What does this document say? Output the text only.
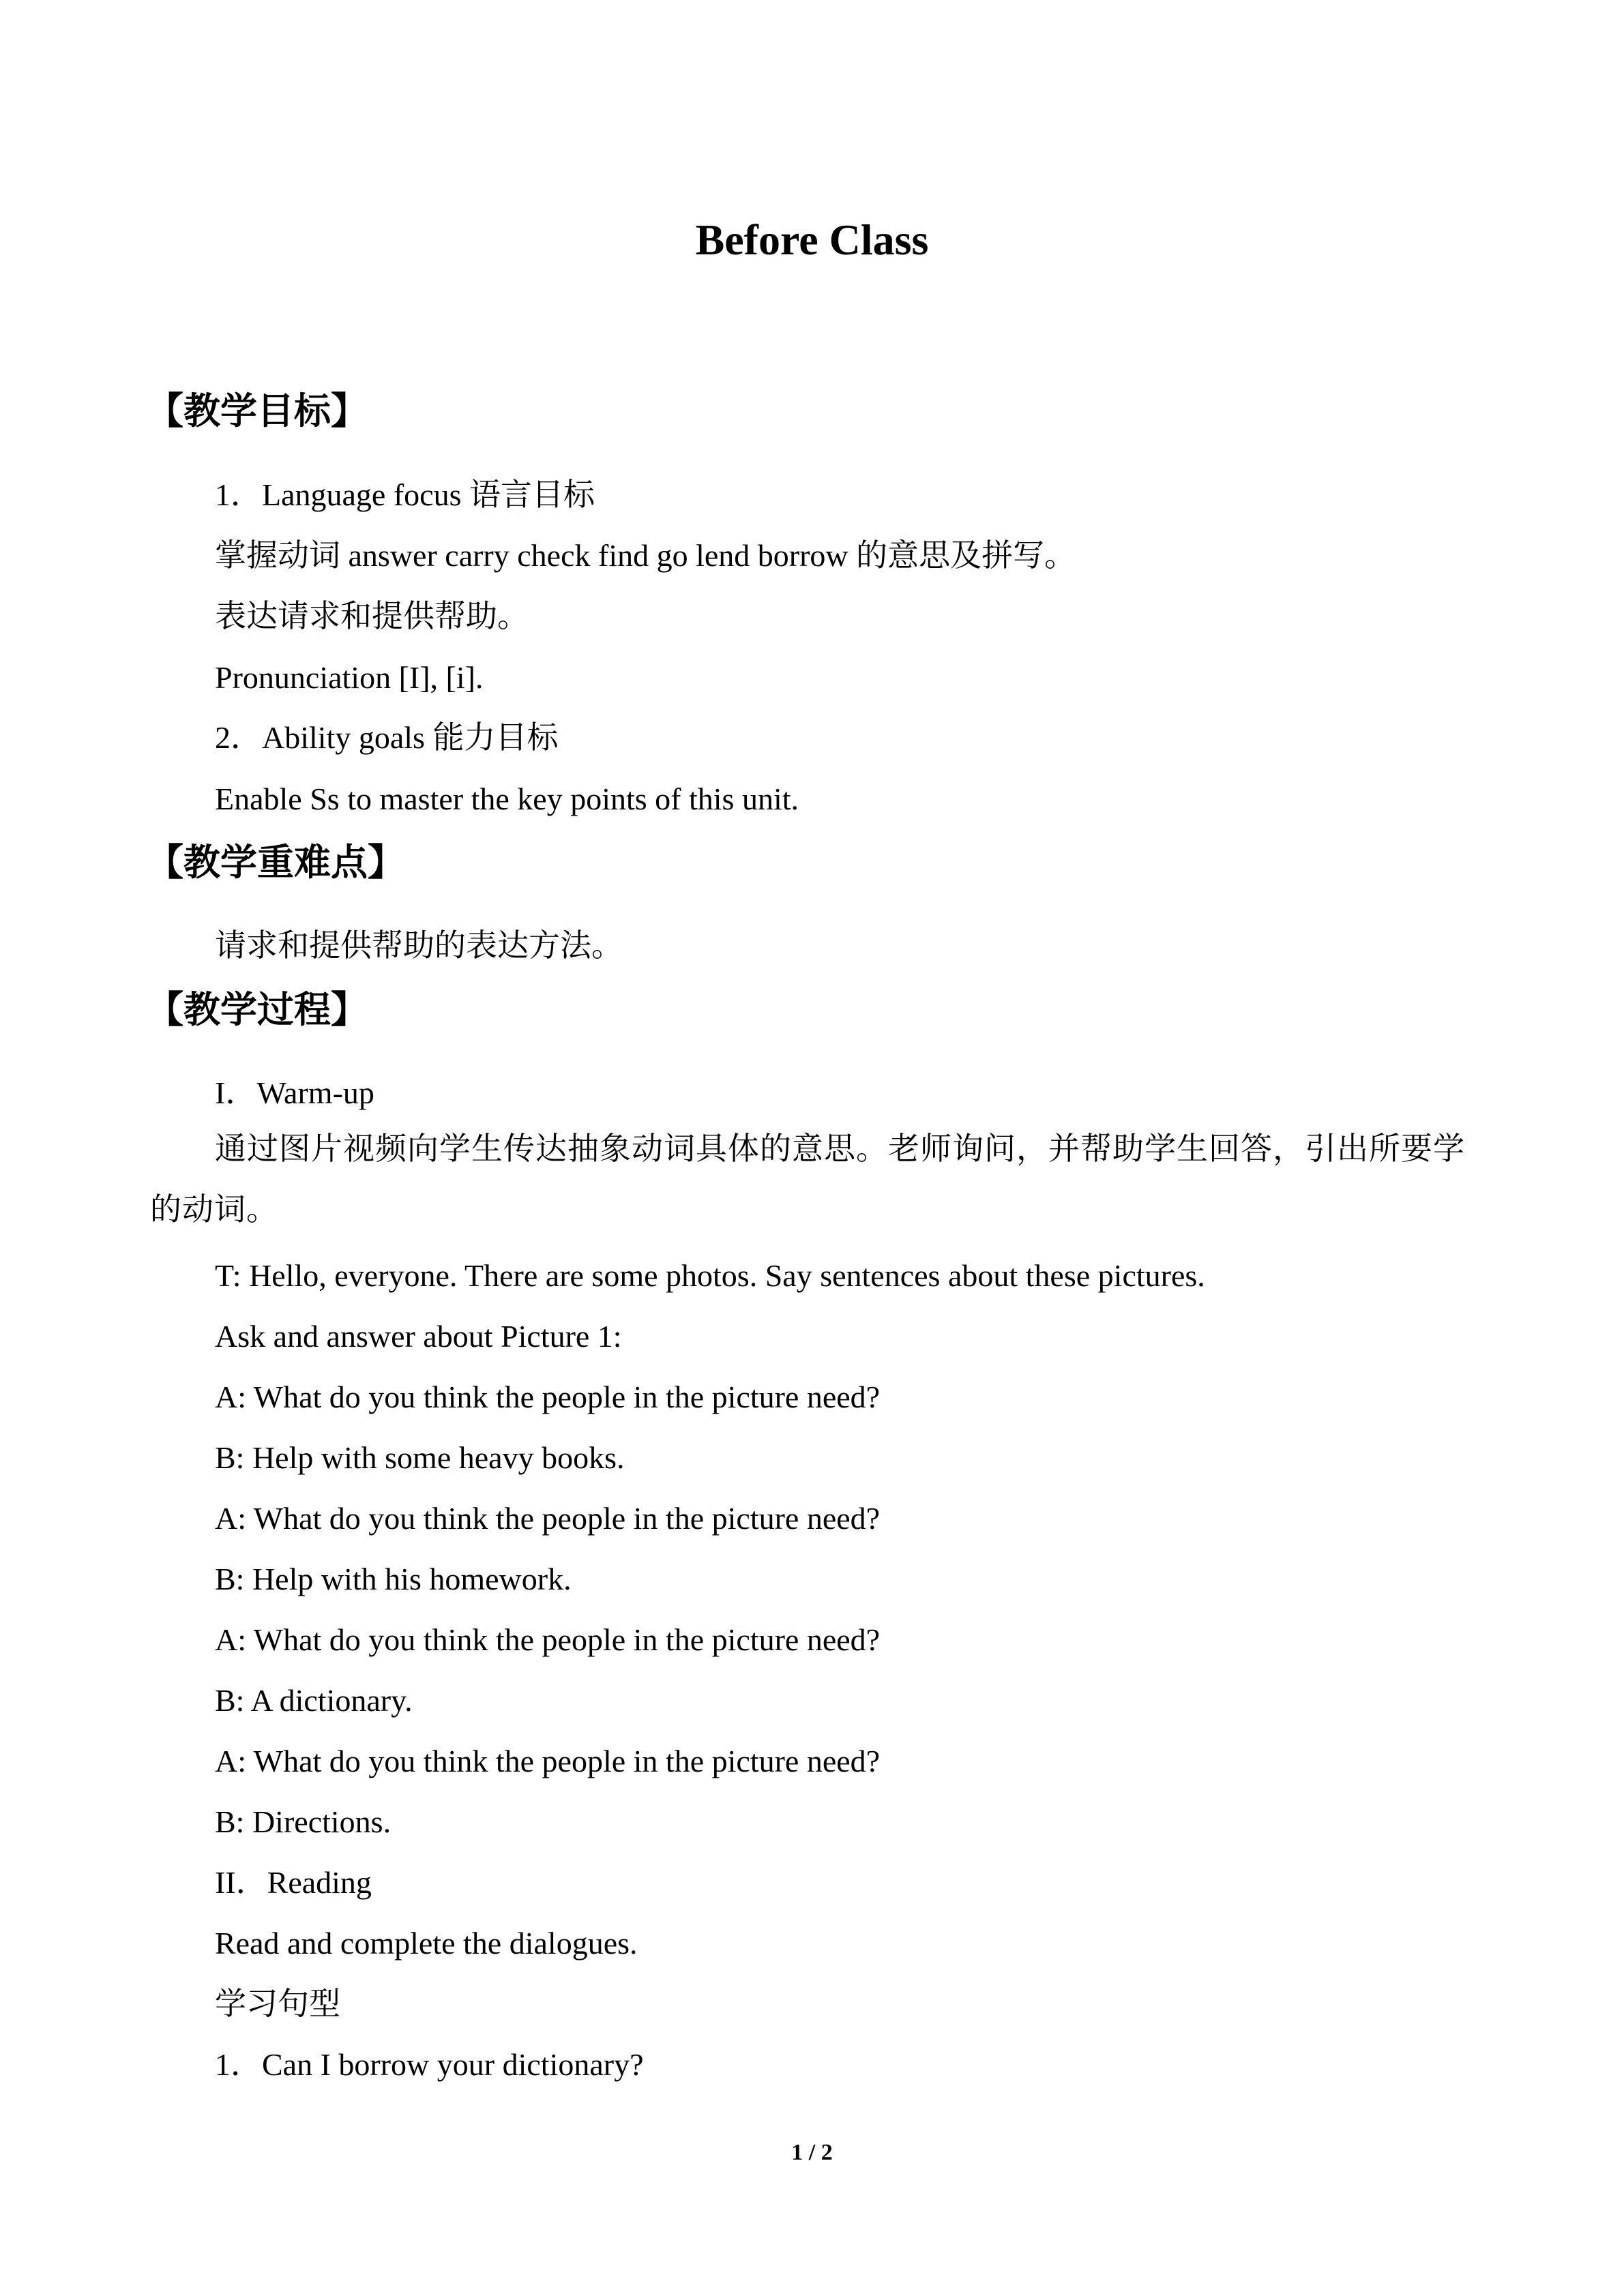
Before Class
【教学目标】
1．Language focus 语言目标
掌握动词 answer carry check find go lend borrow 的意思及拼写。
表达请求和提供帮助。
Pronunciation [I], [i].
2．Ability goals 能力目标
Enable Ss to master the key points of this unit.
【教学重难点】
请求和提供帮助的表达方法。
【教学过程】
I．Warm-up
通过图片视频向学生传达抽象动词具体的意思。老师询问，并帮助学生回答，引出所要学的动词。
T: Hello, everyone. There are some photos. Say sentences about these pictures.
Ask and answer about Picture 1:
A: What do you think the people in the picture need?
B: Help with some heavy books.
A: What do you think the people in the picture need?
B: Help with his homework.
A: What do you think the people in the picture need?
B: A dictionary.
A: What do you think the people in the picture need?
B: Directions.
II．Reading
Read and complete the dialogues.
学习句型
1．Can I borrow your dictionary?
1 / 2
